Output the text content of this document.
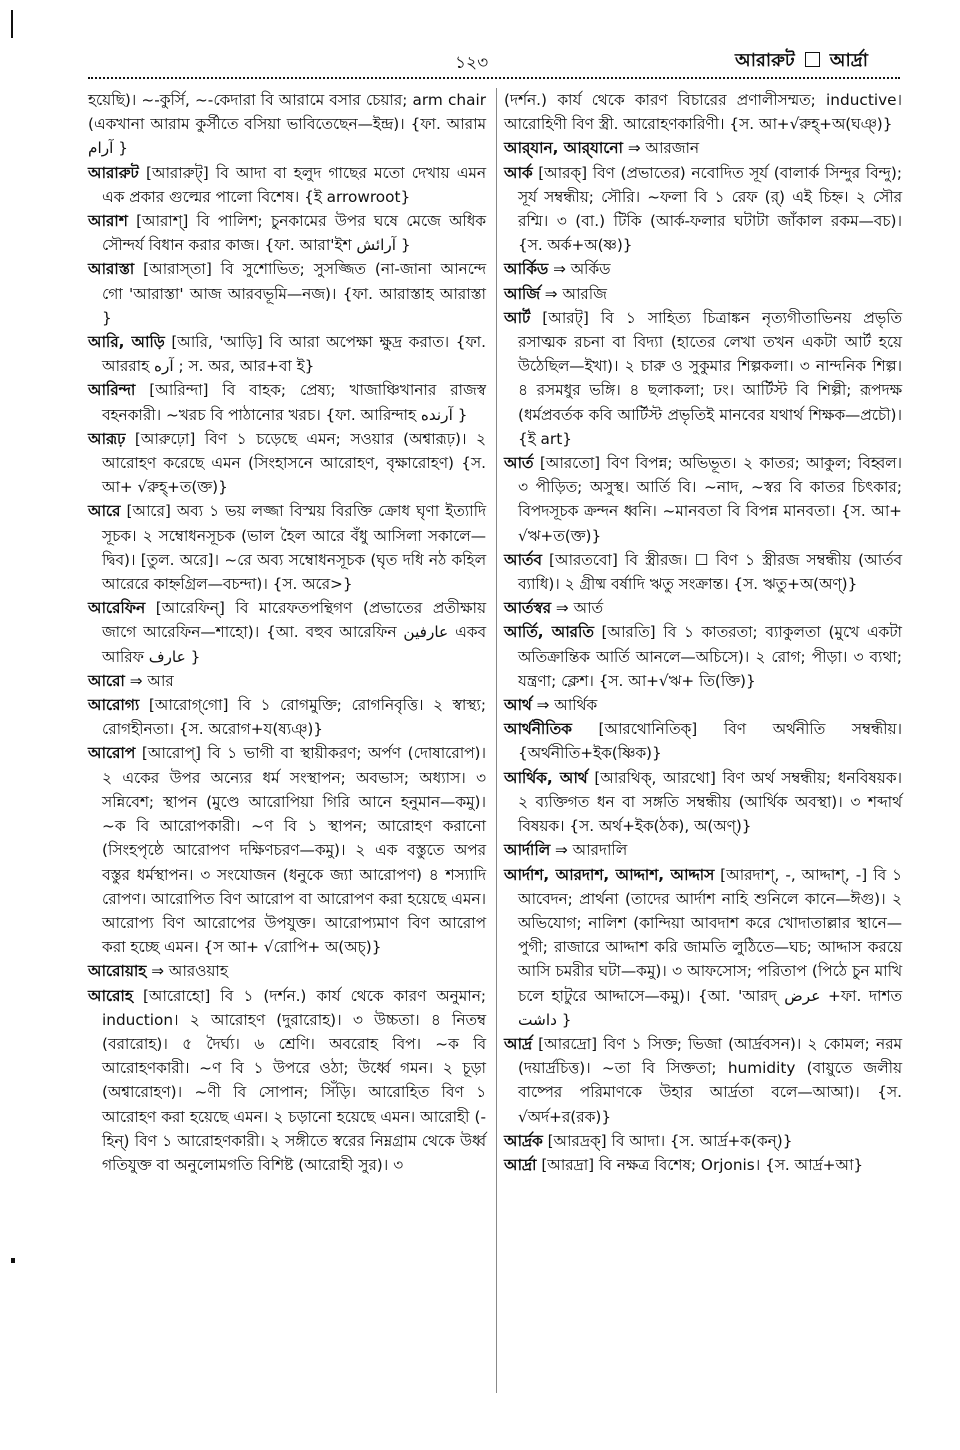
১২৩	আরারুট আর্দ্রা

হয়েছি)। ~-কুর্সি, ~-কেদারা বি আরামে বসার চেয়ার; arm chair (একখানা আরাম কুর্সীতে বসিয়া ভাবিতেছেন—ইন্দ্র)। {ফা. আরাম آرام }

আরারুট [আরারুট্] বি আদা বা হলুদ গাছের মতো দেখায় এমন এক প্রকার গুল্মের পালো বিশেষ। {ই arrowroot}

আরাশ [আরাশ্] বি পালিশ; চুনকামের উপর ঘষে মেজে অধিক সৌন্দর্য বিধান করার কাজ। {ফা. আরা'ইশ آرائش }

আরাস্তা [আরাস্‌তা] বি সুশোভিত; সুসজ্জিত (না-জানা আনন্দে গো 'আরাস্তা' আজ আরবভূমি—নজ)। {ফা. আরাস্তাহ আরাস্তা }

আরি, আড়ি [আরি, 'আড়ি] বি আরা অপেক্ষা ক্ষুদ্র করাত। {ফা. আররাহ آره ; স. অর, আর+বা ই}

আরিন্দা [আরিন্দা] বি বাহক; প্রেষ্য; খাজাঞ্চিখানার রাজস্ব বহনকারী। ~খরচ বি পাঠানোর খরচ। {ফা. আরিন্দাহ آرنده }

আরূঢ় [আরুঢ়ো] বিণ ১ চড়েছে এমন; সওয়ার (অশ্বারূঢ়)। ২ আরোহণ করেছে এমন (সিংহাসনে আরোহণ, বৃক্ষারোহণ) {স. আ+ √রুহ্+ত(ক্ত)}

আরে [আরে] অব্য ১ ভয় লজ্জা বিস্ময় বিরক্তি ক্রোধ ঘৃণা ইত্যাদি সূচক। ২ সম্বোধনসূচক (ভাল হৈল আরে বঁধু আসিলা সকালে—দ্বিব)। [তুল. অরে]। ~রে অব্য সম্বোধনসূচক (ঘৃত দধি নঠ কহিল আরেরে কাহ্নগ্রিল—বচন্দা)। {স. অরে>}

আরেফিন [আরেফিন্] বি মারেফতপন্থিগণ (প্রভাতের প্রতীক্ষায় জাগে আরেফিন—শাহো)। {আ. বহুব আরেফিন عارفين একব আরিফ عارف }

আরো ⇒ আর

আরোগ্য [আরোগ্‌গো] বি ১ রোগমুক্তি; রোগনিবৃত্তি। ২ স্বাস্থ্য; রোগহীনতা। {স. অরোগ+য(ষ্যঞ্)}

আরোপ [আরোপ্] বি ১ ভাগী বা স্থায়ীকরণ; অর্পণ (দোষারোপ)। ২ একের উপর অন্যের ধর্ম সংস্থাপন; অবভাস; অধ্যাস। ৩ সন্নিবেশ; স্থাপন (মুণ্ডে আরোপিয়া গিরি আনে হনুমান—কমু)। ~ক বি আরোপকারী। ~ণ বি ১ স্থাপন; আরোহণ করানো (সিংহপৃষ্ঠে আরোপণ দক্ষিণচরণ—কমু)। ২ এক বস্তুতে অপর বস্তুর ধর্মস্থাপন। ৩ সংযোজন (ধনুকে জ্যা আরোপণ) ৪ শস্যাদি রোপণ। আরোপিত বিণ আরোপ বা আরোপণ করা হয়েছে এমন। আরোপ্য বিণ আরোপের উপযুক্ত। আরোপ্যমাণ বিণ আরোপ করা হচ্ছে এমন। {স আ+ √রোপি+ অ(অচ্)}

আরোয়াহ ⇒ আরওয়াহ

আরোহ [আরোহো] বি ১ (দর্শন.) কার্য থেকে কারণ অনুমান; induction। ২ আরোহণ (দুরারোহ)। ৩ উচ্চতা। ৪ নিতম্ব (বরারোহ)। ৫ দৈর্ঘ্য। ৬ শ্রেণি। অবরোহ বিপ। ~ক বি আরোহণকারী। ~ণ বি ১ উপরে ওঠা; উর্ধ্বে গমন। ২ চূড়া (অশ্বারোহণ)। ~ণী বি সোপান; সিঁড়ি। আরোহিত বিণ ১ আরোহণ করা হয়েছে এমন। ২ চড়ানো হয়েছে এমন। আরোহী (-হিন্) বিণ ১ আরোহণকারী। ২ সঙ্গীতে স্বরের নিম্নগ্রাম থেকে উর্ধ্ব গতিযুক্ত বা অনুলোমগতি বিশিষ্ট (আরোহী সুর)। ৩

(দর্শন.) কার্য থেকে কারণ বিচারের প্রণালীসম্মত; inductive। আরোহিণী বিণ স্ত্রী. আরোহণকারিণী। {স. আ+√রুহ্+অ(ঘঞ্)}

আর্‌যান, আর্‌যানো ⇒ আরজান

আর্ক [আরক্] বিণ (প্রভাতের) নবোদিত সূর্য (বালার্ক সিন্দুর বিন্দু); সূর্য সম্বন্ধীয়; সৌরি। ~ফলা বি ১ রেফ (র্) এই চিহ্ন। ২ সৌর রশ্মি। ৩ (বা.) টিকি (আর্ক-ফলার ঘটাটা জাঁকাল রকম—বচ)। {স. অর্ক+অ(ষ্ণ)}

আর্কিড ⇒ অর্কিড

আর্জি ⇒ আরজি

আর্ট [আরট্] বি ১ সাহিত্য চিত্রাঙ্কন নৃত্যগীতাভিনয় প্রভৃতি রসাত্মক রচনা বা বিদ্যা (হাতের লেখা তখন একটা আর্ট হয়ে উঠেছিল—ইখা)। ২ চারু ও সুকুমার শিল্পকলা। ৩ নান্দনিক শিল্প। ৪ রসমধুর ভঙ্গি। ৪ ছলাকলা; ঢং। আর্টিস্ট বি শিল্পী; রূপদক্ষ (ধর্মপ্রবর্তক কবি আর্টিস্ট প্রভৃতিই মানবের যথার্থ শিক্ষক—প্রচৌ)। {ই art}

আর্ত [আরতো] বিণ বিপন্ন; অভিভূত। ২ কাতর; আকুল; বিহ্বল। ৩ পীড়িত; অসুস্থ। আর্তি বি। ~নাদ, ~স্বর বি কাতর চিৎকার; বিপদসূচক ক্রন্দন ধ্বনি। ~মানবতা বি বিপন্ন মানবতা। {স. আ+ √ঋ+ত(ক্ত)}

আর্তব [আরতবো] বি স্ত্রীরজ। ☐ বিণ ১ স্ত্রীরজ সম্বন্ধীয় (আর্তব ব্যাধি)। ২ গ্রীষ্ম বর্ষাদি ঋতু সংক্রান্ত। {স. ঋতু+অ(অণ্)}

আর্তস্বর ⇒ আর্ত

আর্তি, আরতি [আরতি] বি ১ কাতরতা; ব্যাকুলতা (মুখে একটা অতিক্রান্তিক আর্তি আনলে—অচিসে)। ২ রোগ; পীড়া। ৩ ব্যথা; যন্ত্রণা; ক্লেশ। {স. আ+√ঋ+ তি(ক্তি)}

আর্থ ⇒ আর্থিক

আর্থনীতিক [আরথোনিতিক্] বিণ অর্থনীতি সম্বন্ধীয়। {অর্থনীতি+ইক(ষ্ণিক)}

আর্থিক, আর্থ [আরথিক্, আরথো] বিণ অর্থ সম্বন্ধীয়; ধনবিষয়ক। ২ ব্যক্তিগত ধন বা সঙ্গতি সম্বন্ধীয় (আর্থিক অবস্থা)। ৩ শব্দার্থ বিষয়ক। {স. অর্থ+ইক(ঠক), অ(অণ্)}

আর্দালি ⇒ আরদালি

আর্দাশ, আরদাশ, আদ্দাশ, আদ্দাস [আরদাশ্, -, আদ্দাশ্, -] বি ১ আবেদন; প্রার্থনা (তাদের আর্দাশ নাহি শুনিলে কানে—ঈগু)। ২ অভিযোগ; নালিশ (কান্দিয়া আবদাশ করে খোদাতাল্লার স্থানে—পুগী; রাজারে আদ্দাশ করি জামতি লুঠিতে—ঘচ; আদ্দাস করয়ে আসি চমরীর ঘটা—কমু)। ৩ আফসোস; পরিতাপ (পিঠে চুন মাখি চলে হাটুরে আদ্দাসে—কমু)। {আ. 'আরদ্ عرض +ফা. দাশত داشت }

আর্দ্র [আরদ্রো] বিণ ১ সিক্ত; ভিজা (আর্দ্রবসন)। ২ কোমল; নরম (দয়ার্দ্রচিত্ত)। ~তা বি সিক্ততা; humidity (বায়ুতে জলীয় বাষ্পের পরিমাণকে উহার আর্দ্রতা বলে—আআ)। {স. √অর্দ+র(রক)}

আর্দ্রক [আরদ্রক্] বি আদা। {স. আর্দ্র+ক(কন্)}

আর্দ্রা [আরদ্রা] বি নক্ষত্র বিশেষ; Orjonis। {স. আর্দ্র+আ}
